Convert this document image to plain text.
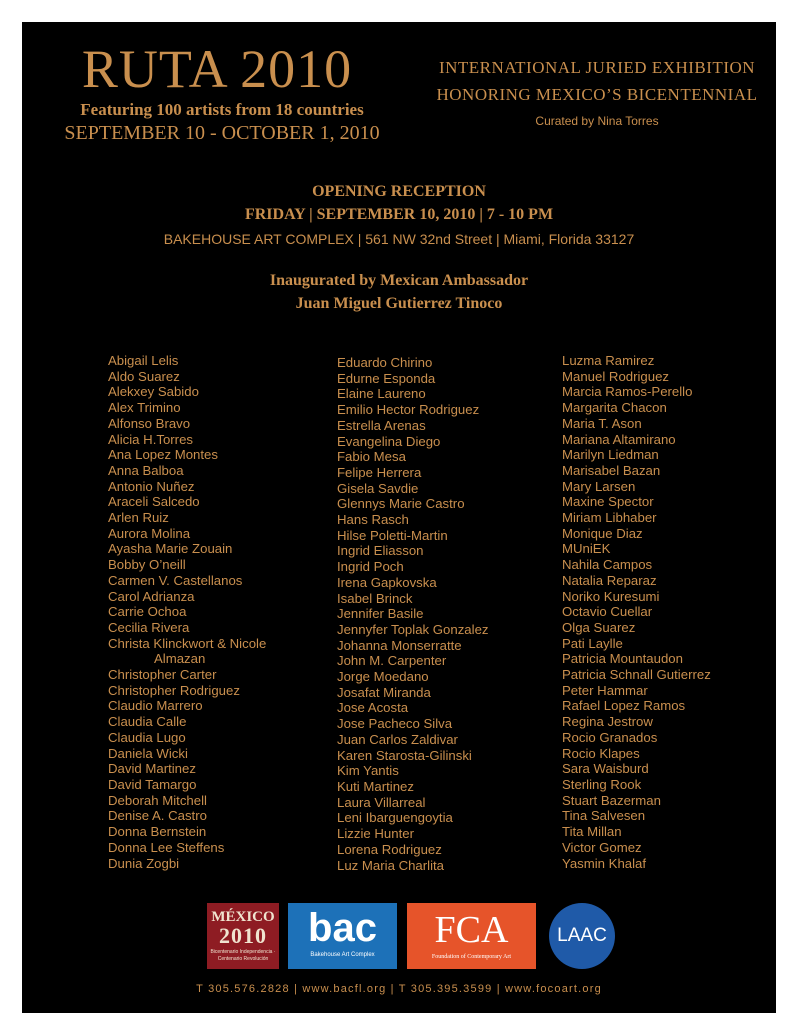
RUTA 2010
Featuring 100 artists from 18 countries
SEPTEMBER 10 - OCTOBER 1, 2010
INTERNATIONAL JURIED EXHIBITION
HONORING MEXICO’S BICENTENNIAL
Curated by Nina Torres
OPENING RECEPTION
FRIDAY | SEPTEMBER 10, 2010 | 7 - 10 PM
BAKEHOUSE ART COMPLEX | 561 NW 32nd Street | Miami, Florida 33127
Inaugurated by Mexican Ambassador
Juan Miguel Gutierrez Tinoco
Abigail Lelis
Aldo Suarez
Alekxey Sabido
Alex Trimino
Alfonso Bravo
Alicia H.Torres
Ana Lopez Montes
Anna Balboa
Antonio Nuñez
Araceli Salcedo
Arlen Ruiz
Aurora Molina
Ayasha Marie Zouain
Bobby O’neill
Carmen V. Castellanos
Carol Adrianza
Carrie Ochoa
Cecilia Rivera
Christa Klinckwort & Nicole
Almazan
Christopher Carter
Christopher Rodriguez
Claudio Marrero
Claudia Calle
Claudia Lugo
Daniela Wicki
David Martinez
David Tamargo
Deborah Mitchell
Denise A. Castro
Donna Bernstein
Donna Lee Steffens
Dunia Zogbi
Eduardo Chirino
Edurne Esponda
Elaine Laureno
Emilio Hector Rodriguez
Estrella Arenas
Evangelina Diego
Fabio Mesa
Felipe Herrera
Gisela Savdie
Glennys Marie Castro
Hans Rasch
Hilse Poletti-Martin
Ingrid Eliasson
Ingrid Poch
Irena Gapkovska
Isabel Brinck
Jennifer Basile
Jennyfer Toplak Gonzalez
Johanna Monserratte
John M. Carpenter
Jorge Moedano
Josafat Miranda
Jose Acosta
Jose Pacheco Silva
Juan Carlos Zaldivar
Karen Starosta-Gilinski
Kim Yantis
Kuti Martinez
Laura Villarreal
Leni Ibarguengoytia
Lizzie Hunter
Lorena Rodriguez
Luz Maria Charlita
Luzma Ramirez
Manuel Rodriguez
Marcia Ramos-Perello
Margarita Chacon
Maria T. Ason
Mariana Altamirano
Marilyn Liedman
Marisabel Bazan
Mary Larsen
Maxine Spector
Miriam Libhaber
Monique Diaz
MUniEK
Nahila Campos
Natalia Reparaz
Noriko Kuresumi
Octavio Cuellar
Olga Suarez
Pati Laylle
Patricia Mountaudon
Patricia Schnall Gutierrez
Peter Hammar
Rafael Lopez Ramos
Regina Jestrow
Rocio Granados
Rocio Klapes
Sara Waisburd
Sterling Rook
Stuart Bazerman
Tina Salvesen
Tita Millan
Victor Gomez
Yasmin Khalaf
MÉXICO
2010
Bicentenario Independencia · Centenario Revolución
bac
Bakehouse Art Complex
FCA
Foundation of Contemporary Art
LAAC
T 305.576.2828 | www.bacfl.org | T 305.395.3599 | www.focoart.org
